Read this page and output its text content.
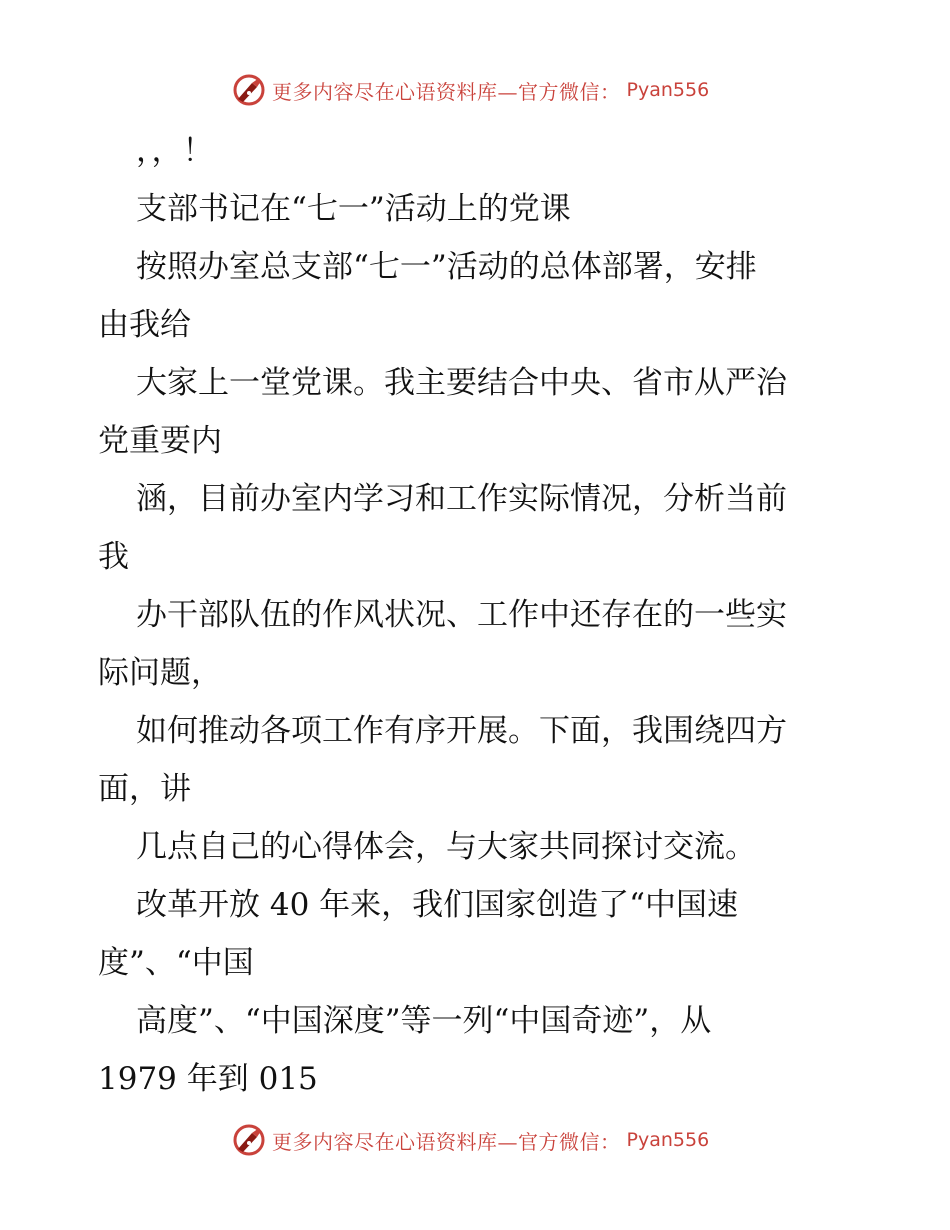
更多内容尽在心语资料库—官方微信： Pyan556
，，！
支部书记在“七一”活动上的党课
按照办室总支部“七一”活动的总体部署，安排
由我给
大家上一堂党课。我主要结合中央、省市从严治
党重要内
涵，目前办室内学习和工作实际情况，分析当前
我
办干部队伍的作风状况、工作中还存在的一些实
际问题，
如何推动各项工作有序开展。下面，我围绕四方
面，讲
几点自己的心得体会，与大家共同探讨交流。
改革开放 40 年来，我们国家创造了“中国速
度”、“中国
高度”、“中国深度”等一列“中国奇迹”，从
1979 年到 015
更多内容尽在心语资料库—官方微信： Pyan556
